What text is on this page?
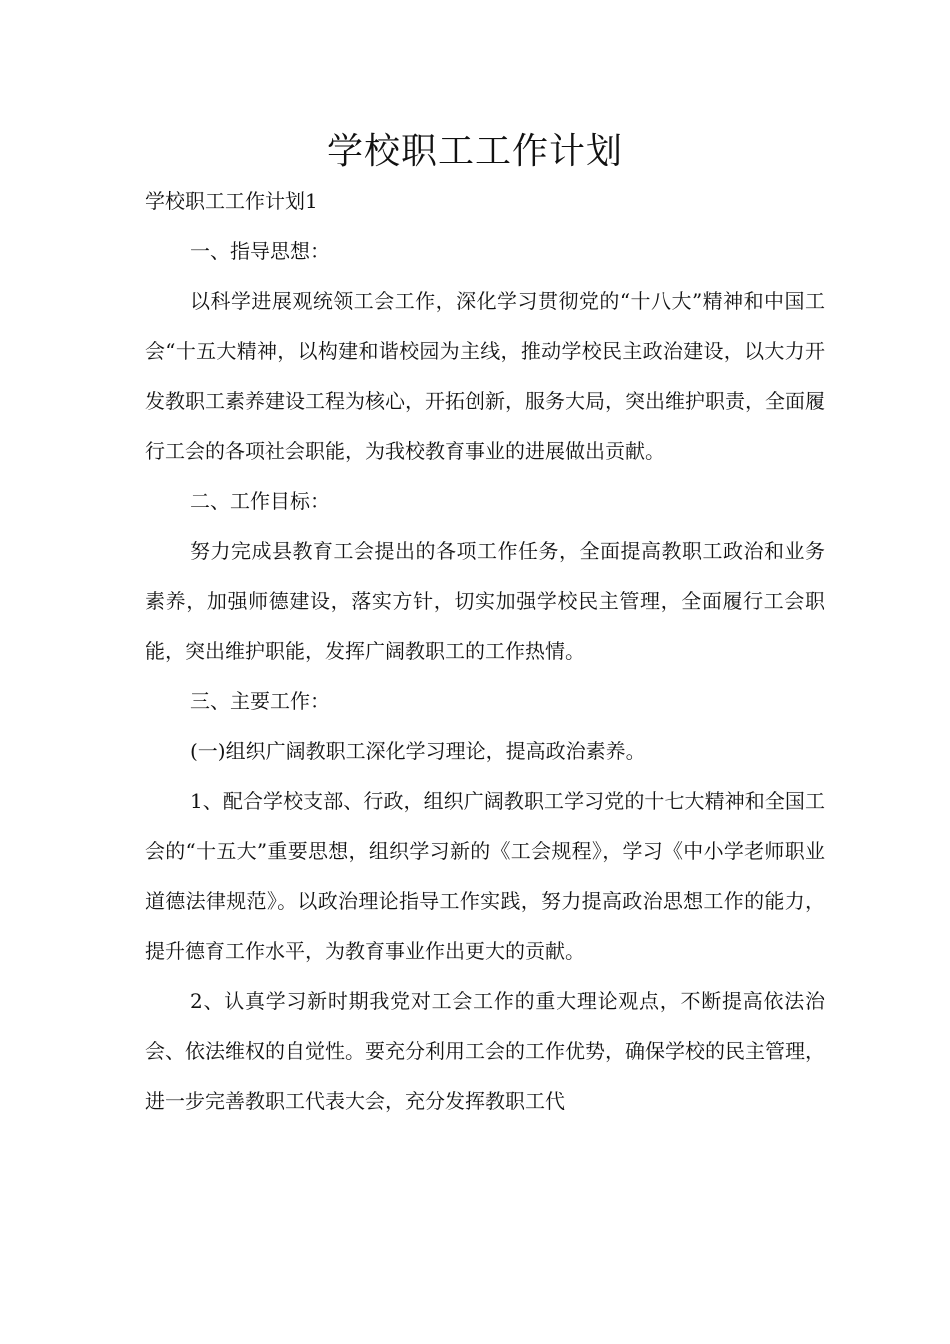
学校职工工作计划

学校职工工作计划1

一、指导思想：

以科学进展观统领工会工作，深化学习贯彻党的“十八大”精神和中国工会“十五大精神，以构建和谐校园为主线，推动学校民主政治建设，以大力开发教职工素养建设工程为核心，开拓创新，服务大局，突出维护职责，全面履行工会的各项社会职能，为我校教育事业的进展做出贡献。

二、工作目标：

努力完成县教育工会提出的各项工作任务，全面提高教职工政治和业务素养，加强师德建设，落实方针，切实加强学校民主管理，全面履行工会职能，突出维护职能，发挥广阔教职工的工作热情。

三、主要工作：

(一)组织广阔教职工深化学习理论，提高政治素养。

1、配合学校支部、行政，组织广阔教职工学习党的十七大精神和全国工会的“十五大”重要思想，组织学习新的《工会规程》，学习《中小学老师职业道德法律规范》。以政治理论指导工作实践，努力提高政治思想工作的能力，提升德育工作水平，为教育事业作出更大的贡献。

2、认真学习新时期我党对工会工作的重大理论观点，不断提高依法治会、依法维权的自觉性。要充分利用工会的工作优势，确保学校的民主管理，进一步完善教职工代表大会，充分发挥教职工代
